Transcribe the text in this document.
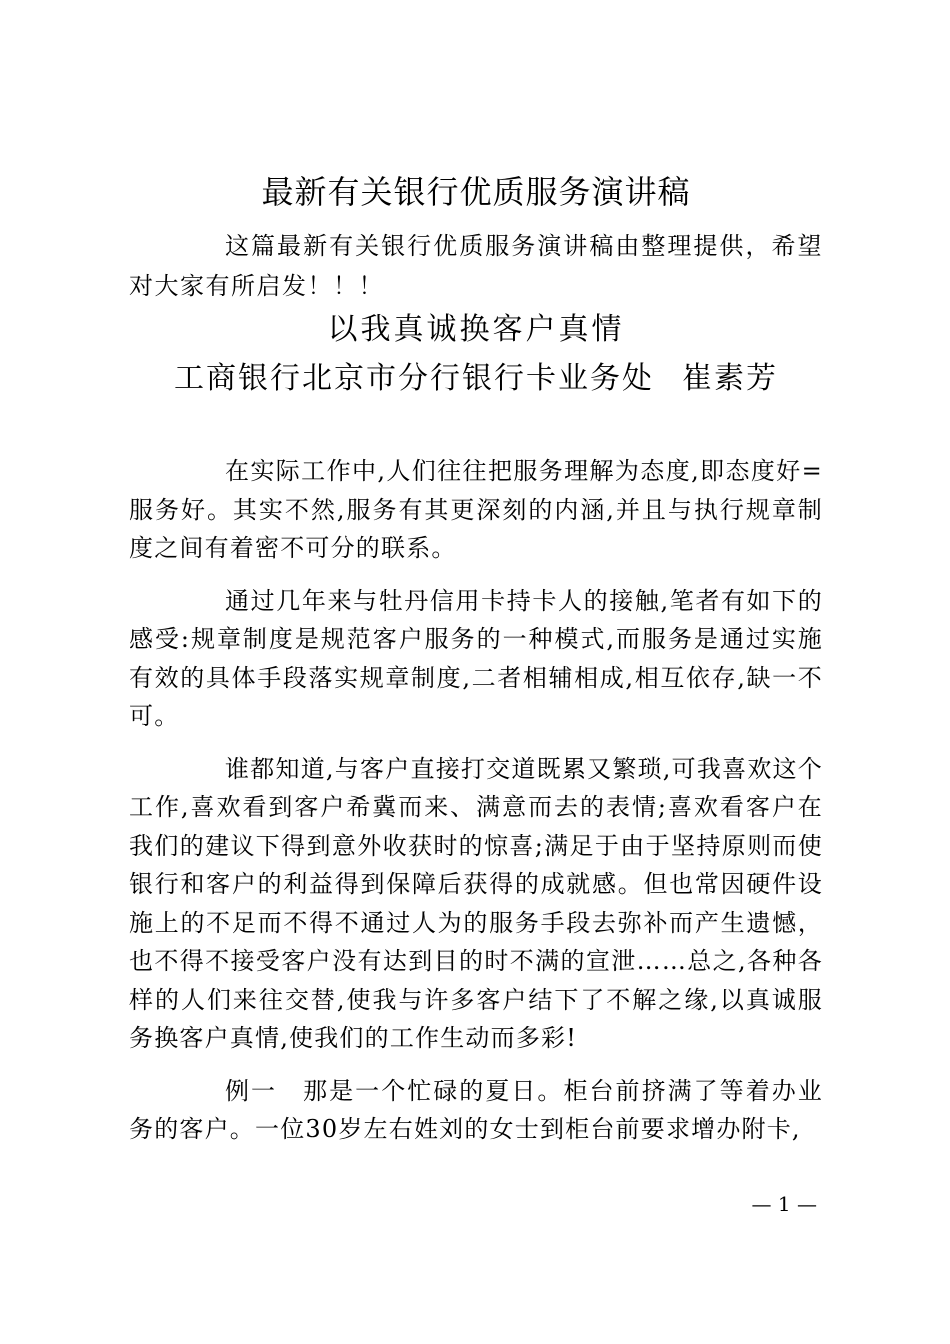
最新有关银行优质服务演讲稿

这篇最新有关银行优质服务演讲稿由整理提供，希望对大家有所启发！！！

以我真诚换客户真情
工商银行北京市分行银行卡业务处 崔素芳

在实际工作中,人们往往把服务理解为态度,即态度好=服务好。其实不然,服务有其更深刻的内涵,并且与执行规章制度之间有着密不可分的联系。

通过几年来与牡丹信用卡持卡人的接触,笔者有如下的感受:规章制度是规范客户服务的一种模式,而服务是通过实施有效的具体手段落实规章制度,二者相辅相成,相互依存,缺一不可。

谁都知道,与客户直接打交道既累又繁琐,可我喜欢这个工作,喜欢看到客户希冀而来、满意而去的表情;喜欢看客户在我们的建议下得到意外收获时的惊喜;满足于由于坚持原则而使银行和客户的利益得到保障后获得的成就感。但也常因硬件设施上的不足而不得不通过人为的服务手段去弥补而产生遗憾，也不得不接受客户没有达到目的时不满的宣泄……总之,各种各样的人们来往交替,使我与许多客户结下了不解之缘,以真诚服务换客户真情,使我们的工作生动而多彩!

例一 那是一个忙碌的夏日。柜台前挤满了等着办业务的客户。一位30岁左右姓刘的女士到柜台前要求增办附卡,

— 1 —
